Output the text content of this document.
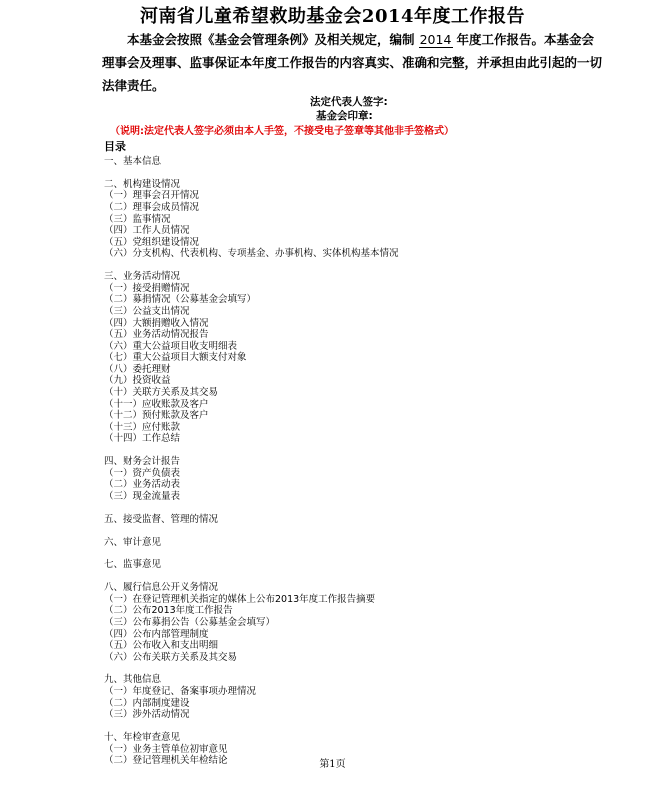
河南省儿童希望救助基金会2014年度工作报告
本基金会按照《基金会管理条例》及相关规定，编制 2014 年度工作报告。本基金会理事会及理事、监事保证本年度工作报告的内容真实、准确和完整，并承担由此引起的一切法律责任。
法定代表人签字:
基金会印章:
（说明:法定代表人签字必须由本人手签，不接受电子签章等其他非手签格式）
目录
一、基本信息
二、机构建设情况
（一）理事会召开情况
（二）理事会成员情况
（三）监事情况
（四）工作人员情况
（五）党组织建设情况
（六）分支机构、代表机构、专项基金、办事机构、实体机构基本情况
三、业务活动情况
（一）接受捐赠情况
（二）募捐情况（公募基金会填写）
（三）公益支出情况
（四）大额捐赠收入情况
（五）业务活动情况报告
（六）重大公益项目收支明细表
（七）重大公益项目大额支付对象
（八）委托理财
（九）投资收益
（十）关联方关系及其交易
（十一）应收账款及客户
（十二）预付账款及客户
（十三）应付账款
（十四）工作总结
四、财务会计报告
（一）资产负债表
（二）业务活动表
（三）现金流量表
五、接受监督、管理的情况
六、审计意见
七、监事意见
八、履行信息公开义务情况
（一）在登记管理机关指定的媒体上公布2013年度工作报告摘要
（二）公布2013年度工作报告
（三）公布募捐公告（公募基金会填写）
（四）公布内部管理制度
（五）公布收入和支出明细
（六）公布关联方关系及其交易
九、其他信息
（一）年度登记、备案事项办理情况
（二）内部制度建设
（三）涉外活动情况
十、年检审查意见
（一）业务主管单位初审意见
（二）登记管理机关年检结论	第1页
